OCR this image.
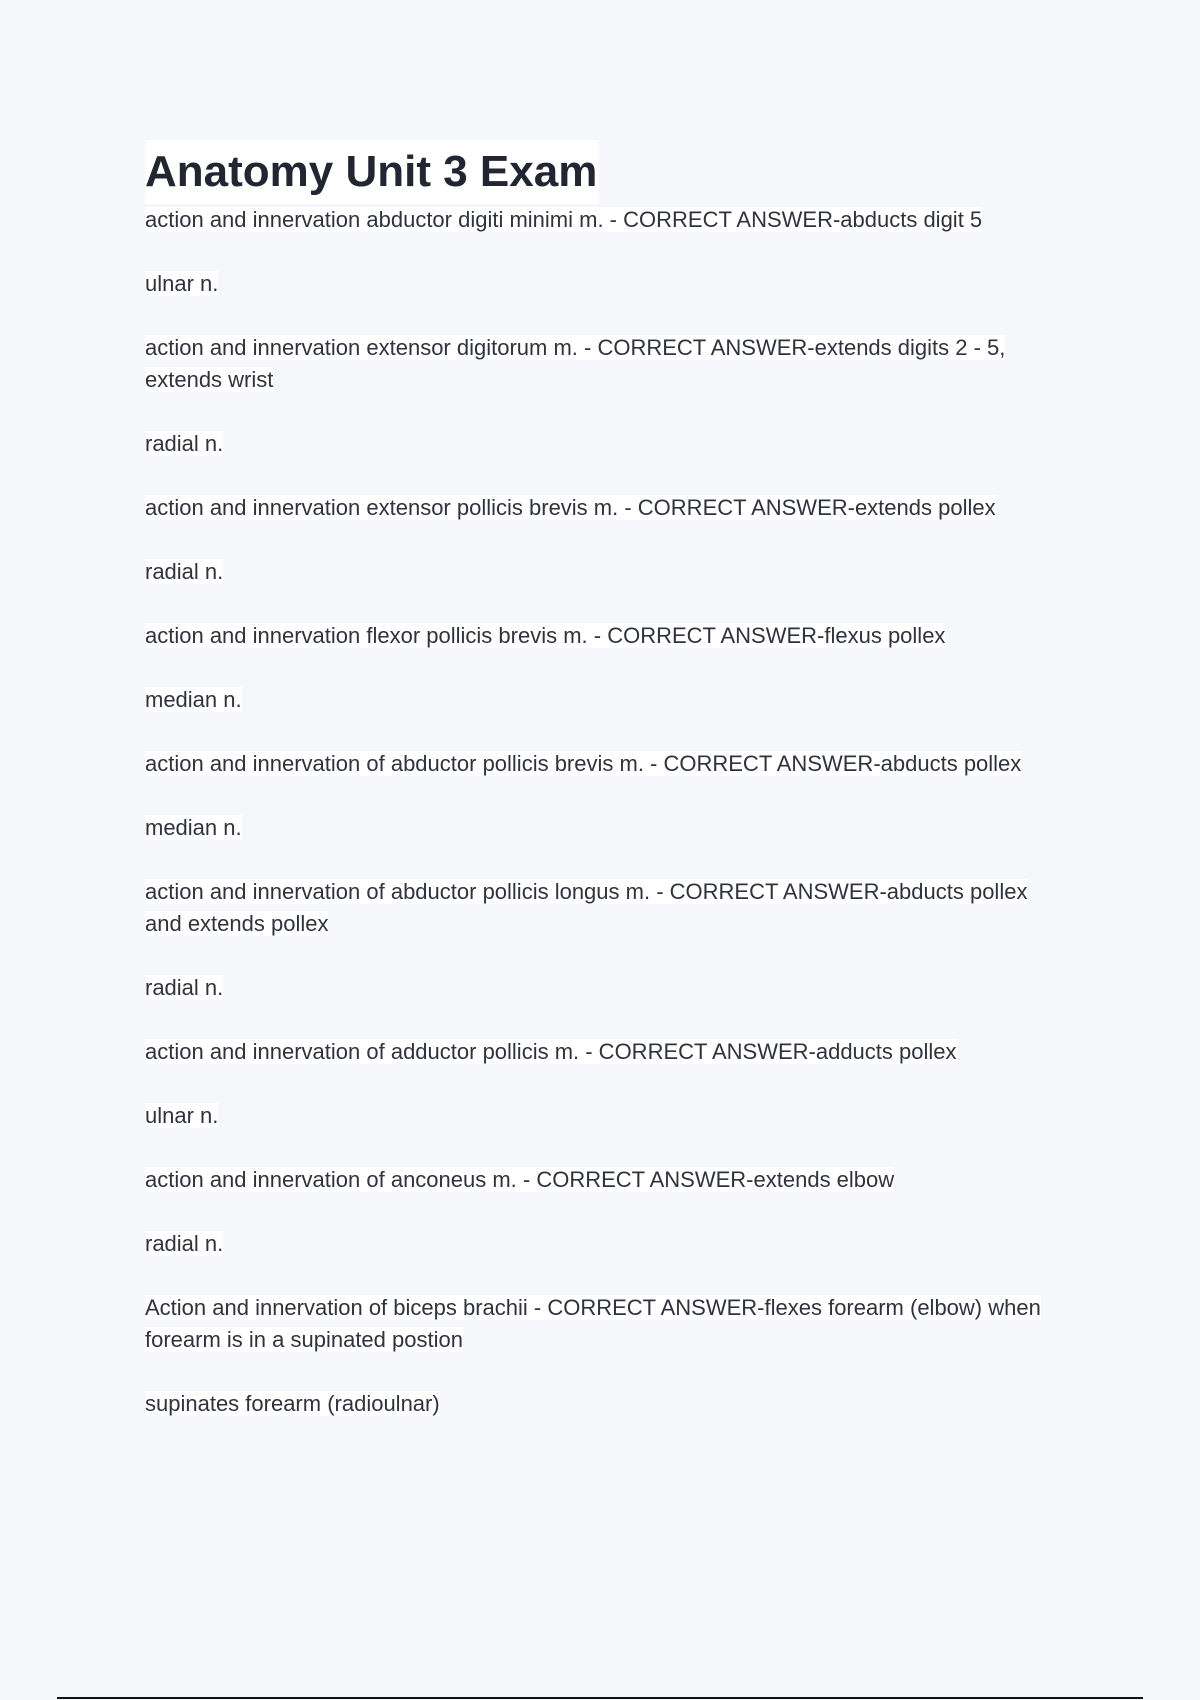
Anatomy Unit 3 Exam

action and innervation abductor digiti minimi m. - CORRECT ANSWER-abducts digit 5

ulnar n.

action and innervation extensor digitorum m. - CORRECT ANSWER-extends digits 2 - 5, extends wrist

radial n.

action and innervation extensor pollicis brevis m. - CORRECT ANSWER-extends pollex

radial n.

action and innervation flexor pollicis brevis m. - CORRECT ANSWER-flexus pollex

median n.

action and innervation of abductor pollicis brevis m. - CORRECT ANSWER-abducts pollex

median n.

action and innervation of abductor pollicis longus m. - CORRECT ANSWER-abducts pollex and extends pollex

radial n.

action and innervation of adductor pollicis m. - CORRECT ANSWER-adducts pollex

ulnar n.

action and innervation of anconeus m. - CORRECT ANSWER-extends elbow

radial n.

Action and innervation of biceps brachii - CORRECT ANSWER-flexes forearm (elbow) when forearm is in a supinated postion

supinates forearm (radioulnar)
